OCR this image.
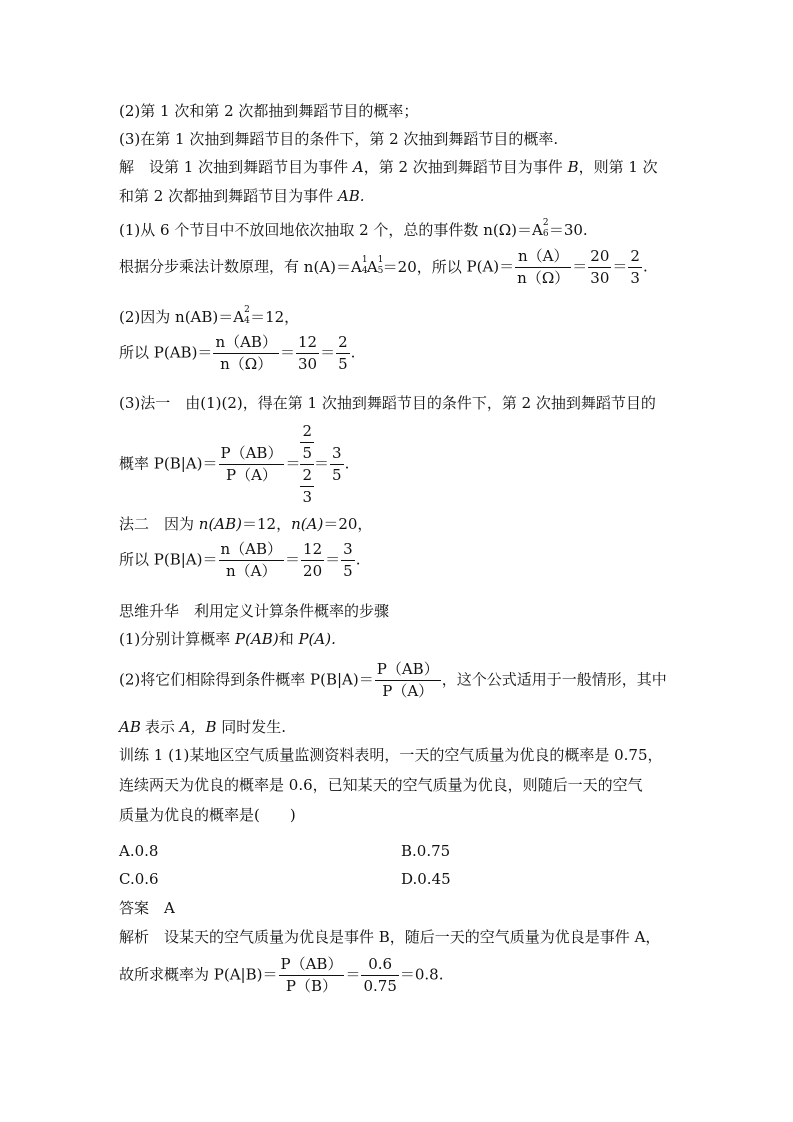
(2)第 1 次和第 2 次都抽到舞蹈节目的概率；
(3)在第 1 次抽到舞蹈节目的条件下，第 2 次抽到舞蹈节目的概率.
解　设第 1 次抽到舞蹈节目为事件 A，第 2 次抽到舞蹈节目为事件 B，则第 1 次
和第 2 次都抽到舞蹈节目为事件 AB.
(1)从 6 个节目中不放回地依次抽取 2 个，总的事件数 n(Ω)＝A 2
6 ＝30.
根据分步乘法计数原理，有 n(A)＝A 1
4 A 1
5 ＝20，所以 $P(A)= \frac{n(A)}{n(\Omega)} = \frac{20}{30} = \frac{2}{3}$ .
(2)因为 n(AB)＝A 2
4 ＝12，
所以 $P(AB)= \frac{n(AB)}{n(\Omega)} = \frac{12}{30} = \frac{2}{5}$ .
(3)法一　由(1)(2)，得在第 1 次抽到舞蹈节目的条件下，第 2 次抽到舞蹈节目的
概率 $P(B|A)= \frac{P(AB)}{P(A)} = \frac{\frac{2}{5}}{\frac{2}{3}} = \frac{3}{5}$ .
法二　因为 n(AB)＝12，n(A)＝20，
所以 $P(B|A)= \frac{n(AB)}{n(A)} = \frac{12}{20} = \frac{3}{5}$ .
思维升华　利用定义计算条件概率的步骤
(1)分别计算概率 P(AB)和 P(A).
(2)将它们相除得到条件概率 $P(B|A)= \frac{P(AB)}{P(A)}$ ，这个公式适用于一般情形，其中
AB 表示 A，B 同时发生.
训练 1 (1)某地区空气质量监测资料表明，一天的空气质量为优良的概率是 0.75，
连续两天为优良的概率是 0.6，已知某天的空气质量为优良，则随后一天的空气
质量为优良的概率是(　　)
A.0.8	B.0.75
C.0.6	D.0.45
答案　A
解析　设某天的空气质量为优良是事件 B，随后一天的空气质量为优良是事件 A，
故所求概率为 $P(A|B)= \frac{P(AB)}{P(B)} = \frac{0.6}{0.75} =0.8$.
